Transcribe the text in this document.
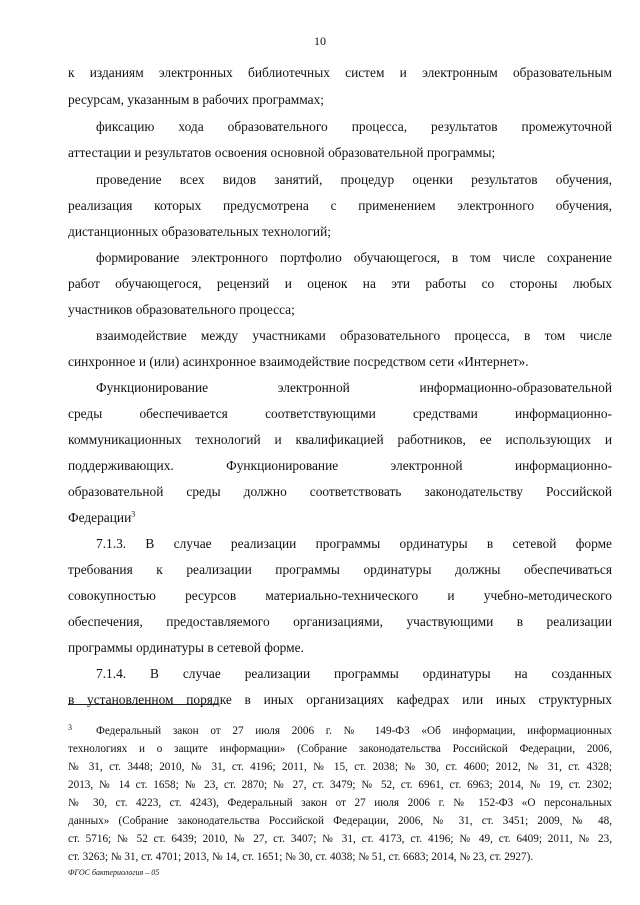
10
к изданиям электронных библиотечных систем и электронным образовательным
ресурсам, указанным в рабочих программах;
фиксацию хода образовательного процесса, результатов промежуточной
аттестации и результатов освоения основной образовательной программы;
проведение всех видов занятий, процедур оценки результатов обучения,
реализация которых предусмотрена с применением электронного обучения,
дистанционных образовательных технологий;
формирование электронного портфолио обучающегося, в том числе сохранение
работ обучающегося, рецензий и оценок на эти работы со стороны любых
участников образовательного процесса;
взаимодействие между участниками образовательного процесса, в том числе
синхронное и (или) асинхронное взаимодействие посредством сети «Интернет».
Функционирование электронной информационно-образовательной
среды обеспечивается соответствующими средствами информационно-
коммуникационных технологий и квалификацией работников, ее использующих и
поддерживающих. Функционирование электронной информационно-
образовательной среды должно соответствовать законодательству Российской
Федерации$^3$
7.1.3. В случае реализации программы ординатуры в сетевой форме
требования к реализации программы ординатуры должны обеспечиваться
совокупностью ресурсов материально-технического и учебно-методического
обеспечения, предоставляемого организациями, участвующими в реализации
программы ординатуры в сетевой форме.
7.1.4. В случае реализации программы ординатуры на созданных
в установленном порядке в иных организациях кафедрах или иных структурных
3 Федеральный закон от 27 июля 2006 г. № 149-ФЗ «Об информации, информационных
технологиях и о защите информации» (Собрание законодательства Российской Федерации, 2006,
№ 31, ст. 3448; 2010, № 31, ст. 4196; 2011, № 15, ст. 2038; № 30, ст. 4600; 2012, № 31, ст. 4328;
2013, № 14 ст. 1658; № 23, ст. 2870; № 27, ст. 3479; № 52, ст. 6961, ст. 6963; 2014, № 19, ст. 2302;
№ 30, ст. 4223, ст. 4243), Федеральный закон от 27 июля 2006 г. № 152-ФЗ «О персональных
данных» (Собрание законодательства Российской Федерации, 2006, № 31, ст. 3451; 2009, № 48,
ст. 5716; № 52 ст. 6439; 2010, № 27, ст. 3407; № 31, ст. 4173, ст. 4196; № 49, ст. 6409; 2011, № 23,
ст. 3263; № 31, ст. 4701; 2013, № 14, ст. 1651; № 30, ст. 4038; № 51, ст. 6683; 2014, № 23, ст. 2927).
ФГОС бактериология – 05
